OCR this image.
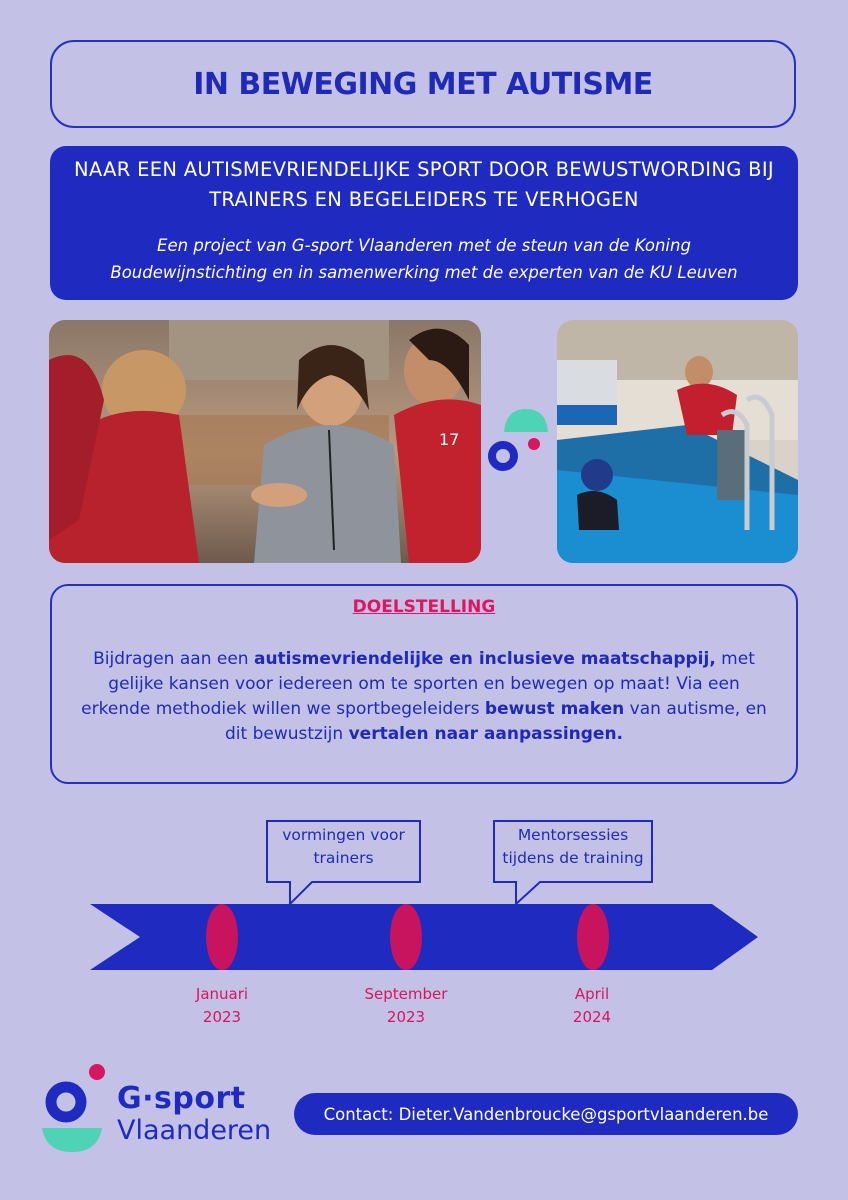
IN BEWEGING MET AUTISME
NAAR EEN AUTISMEVRIENDELIJKE SPORT DOOR BEWUSTWORDING BIJ
TRAINERS EN BEGELEIDERS TE VERHOGEN
Een project van G-sport Vlaanderen met de steun van de Koning
Boudewijnstichting en in samenwerking met de experten van de KU Leuven
17
DOELSTELLING
Bijdragen aan een autismevriendelijke en inclusieve maatschappij, met gelijke kansen voor iedereen om te sporten en bewegen op maat! Via een erkende methodiek willen we sportbegeleiders bewust maken van autisme, en dit bewustzijn vertalen naar aanpassingen.
vormingen voor
trainers
Mentorsessies
tijdens de training
Januari
2023
September
2023
April
2024
G·sport
Vlaanderen
Contact: Dieter.Vandenbroucke@gsportvlaanderen.be
